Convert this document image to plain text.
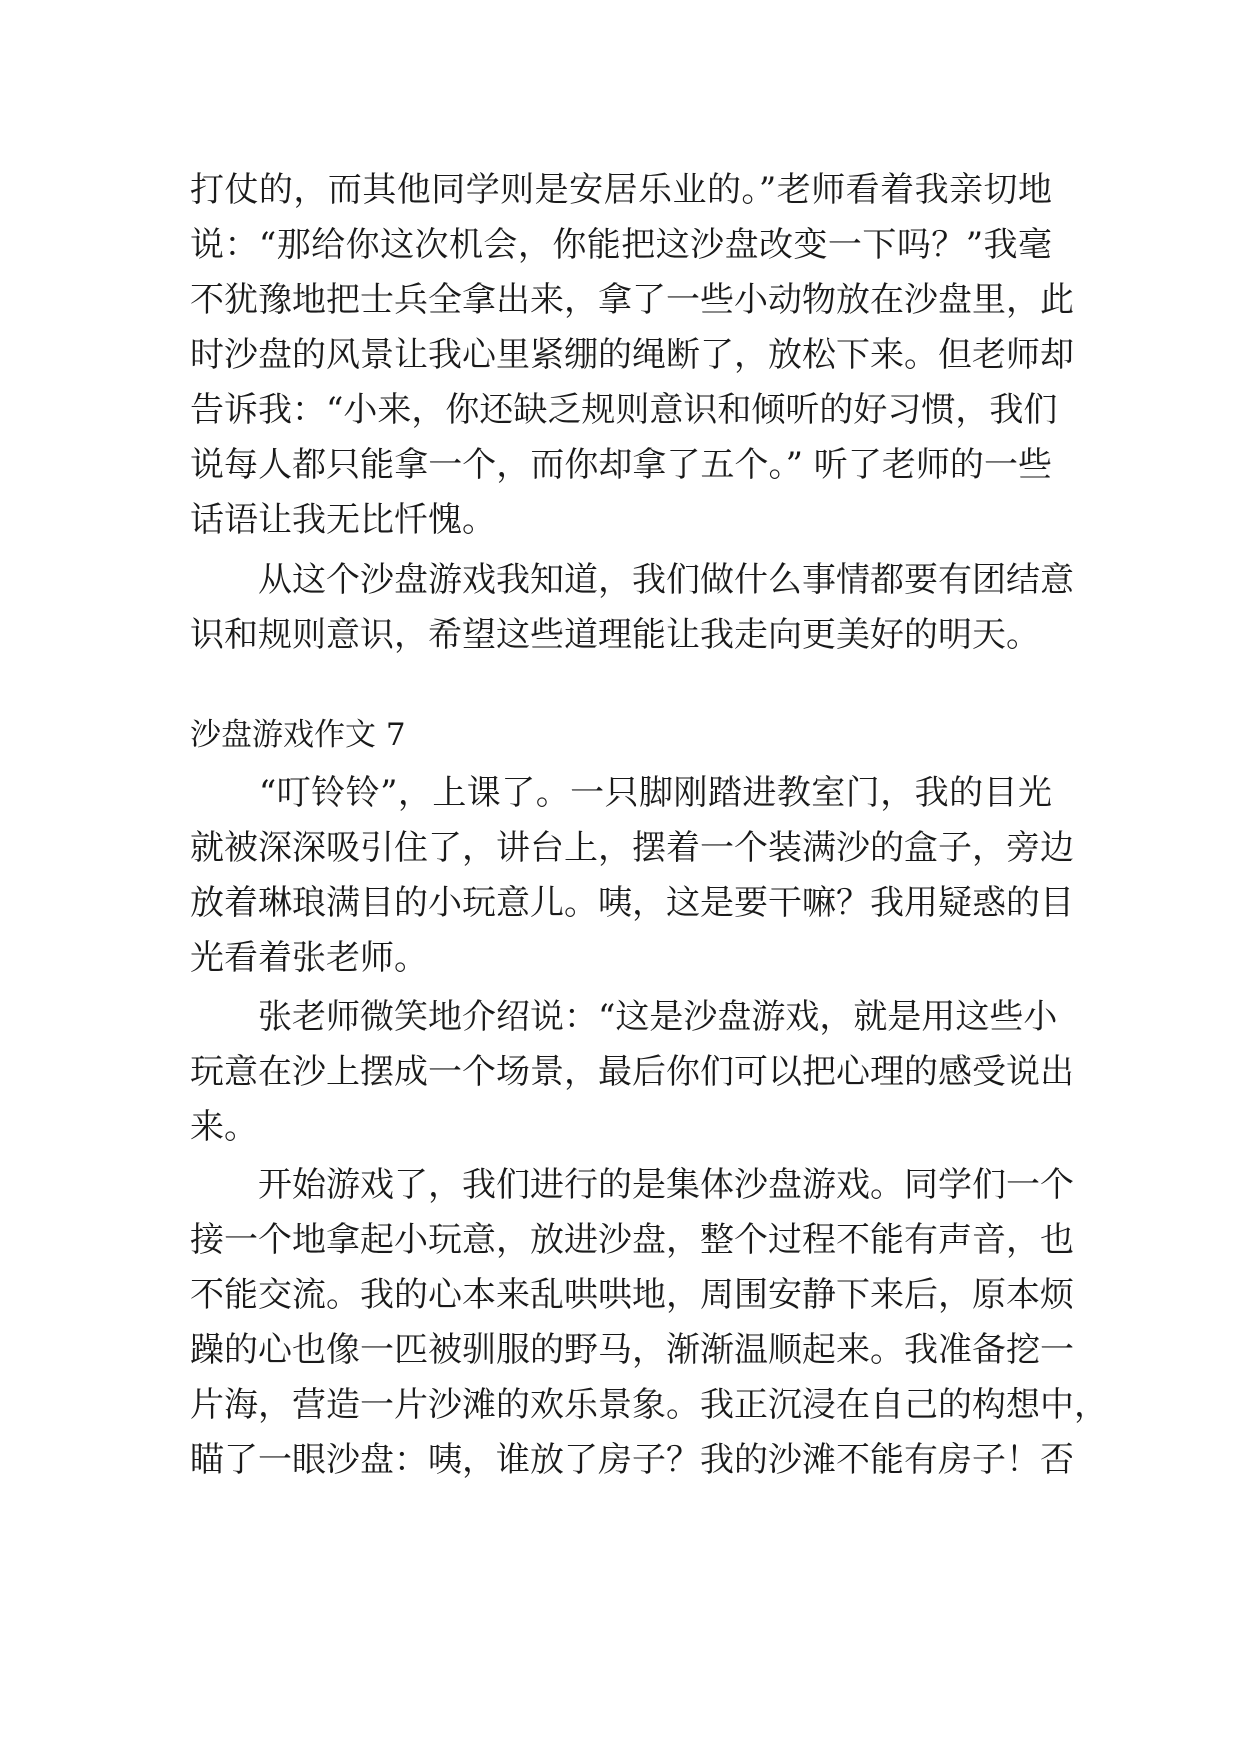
打仗的，而其他同学则是安居乐业的。”老师看着我亲切地
说：“那给你这次机会，你能把这沙盘改变一下吗？”我毫
不犹豫地把士兵全拿出来，拿了一些小动物放在沙盘里，此
时沙盘的风景让我心里紧绷的绳断了，放松下来。但老师却
告诉我：“小来，你还缺乏规则意识和倾听的好习惯，我们
说每人都只能拿一个，而你却拿了五个。” 听了老师的一些
话语让我无比忏愧。
　　从这个沙盘游戏我知道，我们做什么事情都要有团结意
识和规则意识，希望这些道理能让我走向更美好的明天。
沙盘游戏作文 7
　　“叮铃铃”，上课了。一只脚刚踏进教室门，我的目光
就被深深吸引住了，讲台上，摆着一个装满沙的盒子，旁边
放着琳琅满目的小玩意儿。咦，这是要干嘛？我用疑惑的目
光看着张老师。
　　张老师微笑地介绍说：“这是沙盘游戏，就是用这些小
玩意在沙上摆成一个场景，最后你们可以把心理的感受说出
来。
　　开始游戏了，我们进行的是集体沙盘游戏。同学们一个
接一个地拿起小玩意，放进沙盘，整个过程不能有声音，也
不能交流。我的心本来乱哄哄地，周围安静下来后，原本烦
躁的心也像一匹被驯服的野马，渐渐温顺起来。我准备挖一
片海，营造一片沙滩的欢乐景象。我正沉浸在自己的构想中，
瞄了一眼沙盘：咦，谁放了房子？我的沙滩不能有房子！否
